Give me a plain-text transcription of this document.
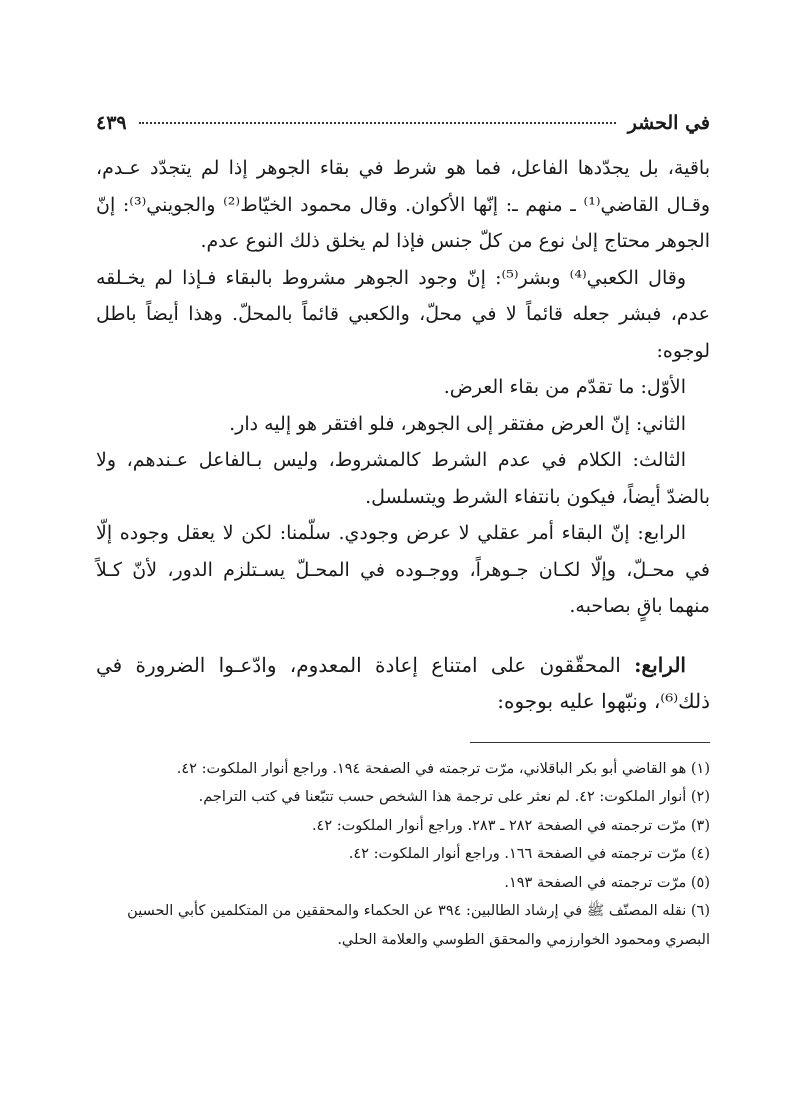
في الحشر
٤٣٩

باقية، بل يجدّدها الفاعل، فما هو شرط في بقاء الجوهر إذا لم يتجدّد عـدم، وقـال القاضي⁽¹⁾ ـ منهم ـ: إنّها الأكوان. وقال محمود الخيّاط⁽²⁾ والجويني⁽³⁾: إنّ الجوهر محتاج إلىٰ نوع من كلّ جنس فإذا لم يخلق ذلك النوع عدم.

وقال الكعبي⁽⁴⁾ وبشر⁽⁵⁾: إنّ وجود الجوهر مشروط بالبقاء فـإذا لم يخـلقه عدم، فبشر جعله قائماً لا في محلّ، والكعبي قائماً بالمحلّ. وهذا أيضاً باطل لوجوه:

الأوّل: ما تقدّم من بقاء العرض.

الثاني: إنّ العرض مفتقر إلى الجوهر، فلو افتقر هو إليه دار.

الثالث: الكلام في عدم الشرط كالمشروط، وليس بـالفاعل عـندهم، ولا بالضدّ أيضاً، فيكون بانتفاء الشرط ويتسلسل.

الرابع: إنّ البقاء أمر عقلي لا عرض وجودي. سلّمنا: لكن لا يعقل وجوده إلّا في محـلّ، وإلّا لكـان جـوهراً، ووجـوده في المحـلّ يسـتلزم الدور، لأنّ كـلاً منهما باقٍ بصاحبه.

الرابع: المحقّقون على امتناع إعادة المعدوم، وادّعـوا الضرورة في ذلك⁽⁶⁾، ونبّهوا عليه بوجوه:

(١) هو القاضي أبو بكر الباقلاني، مرّت ترجمته في الصفحة ١٩٤. وراجع أنوار الملكوت: ٤٢.

(٢) أنوار الملكوت: ٤٢. لم نعثر على ترجمة هذا الشخص حسب تتبّعنا في كتب التراجم.

(٣) مرّت ترجمته في الصفحة ٢٨٢ ـ ٢٨٣. وراجع أنوار الملكوت: ٤٢.

(٤) مرّت ترجمته في الصفحة ١٦٦. وراجع أنوار الملكوت: ٤٢.

(٥) مرّت ترجمته في الصفحة ١٩٣.

(٦) نقله المصنّف ﷺ في إرشاد الطالبين: ٣٩٤ عن الحكماء والمحققين من المتكلمين كأبي الحسين البصري ومحمود الخوارزمي والمحقق الطوسي والعلامة الحلي.
